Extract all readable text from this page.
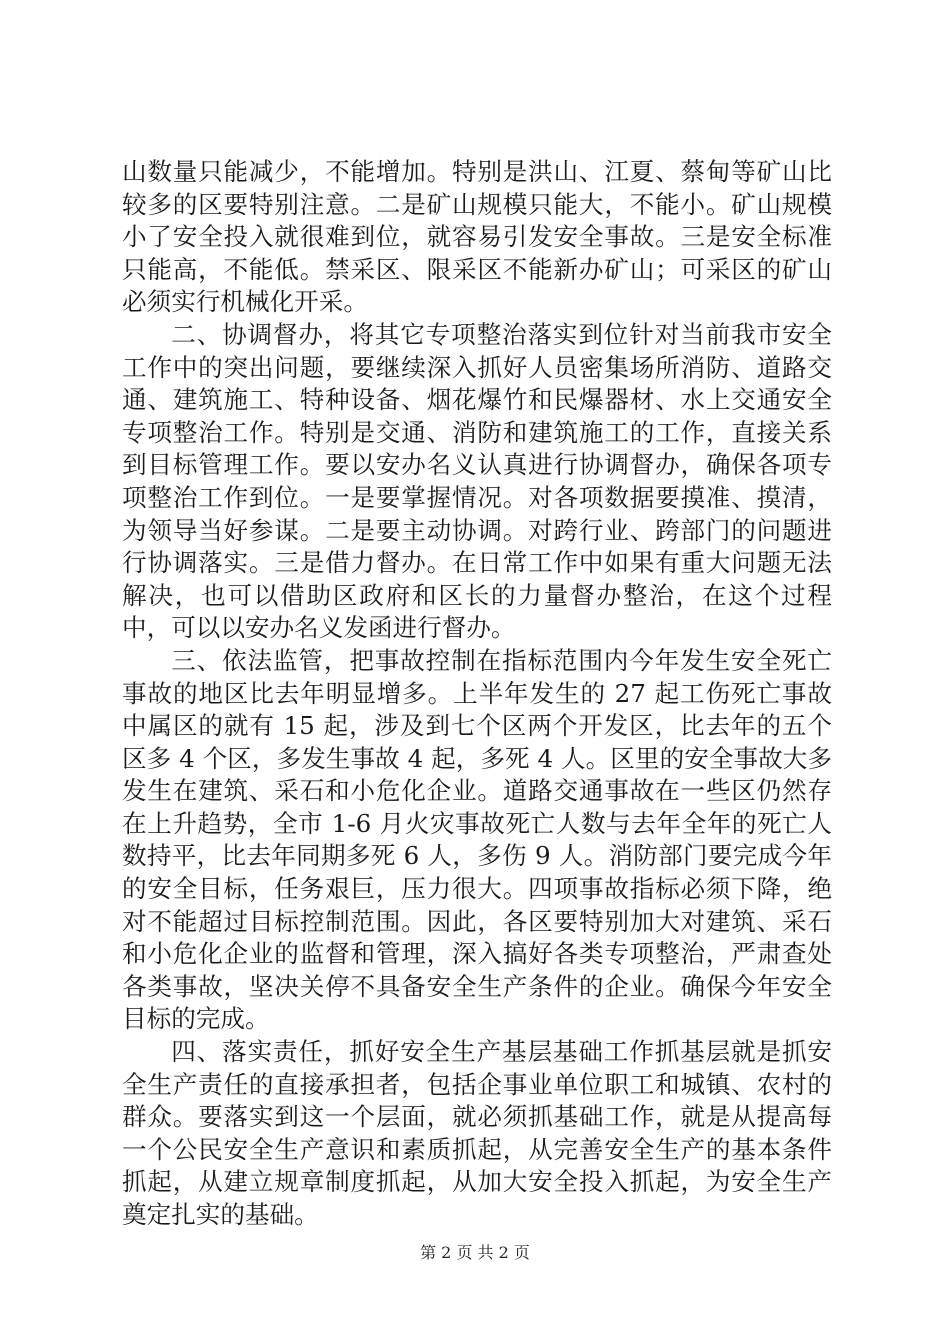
山数量只能减少，不能增加。特别是洪山、江夏、蔡甸等矿山比较多的区要特别注意。二是矿山规模只能大，不能小。矿山规模小了安全投入就很难到位，就容易引发安全事故。三是安全标准只能高，不能低。禁采区、限采区不能新办矿山；可采区的矿山必须实行机械化开采。

二、协调督办，将其它专项整治落实到位针对当前我市安全工作中的突出问题，要继续深入抓好人员密集场所消防、道路交通、建筑施工、特种设备、烟花爆竹和民爆器材、水上交通安全专项整治工作。特别是交通、消防和建筑施工的工作，直接关系到目标管理工作。要以安办名义认真进行协调督办，确保各项专项整治工作到位。一是要掌握情况。对各项数据要摸准、摸清，为领导当好参谋。二是要主动协调。对跨行业、跨部门的问题进行协调落实。三是借力督办。在日常工作中如果有重大问题无法解决，也可以借助区政府和区长的力量督办整治，在这个过程中，可以以安办名义发函进行督办。

三、依法监管，把事故控制在指标范围内今年发生安全死亡事故的地区比去年明显增多。上半年发生的 27 起工伤死亡事故中属区的就有 15 起，涉及到七个区两个开发区，比去年的五个区多 4 个区，多发生事故 4 起，多死 4 人。区里的安全事故大多发生在建筑、采石和小危化企业。道路交通事故在一些区仍然存在上升趋势，全市 1-6 月火灾事故死亡人数与去年全年的死亡人数持平，比去年同期多死 6 人，多伤 9 人。消防部门要完成今年的安全目标，任务艰巨，压力很大。四项事故指标必须下降，绝对不能超过目标控制范围。因此，各区要特别加大对建筑、采石和小危化企业的监督和管理，深入搞好各类专项整治，严肃查处各类事故，坚决关停不具备安全生产条件的企业。确保今年安全目标的完成。

四、落实责任，抓好安全生产基层基础工作抓基层就是抓安全生产责任的直接承担者，包括企事业单位职工和城镇、农村的群众。要落实到这一个层面，就必须抓基础工作，就是从提高每一个公民安全生产意识和素质抓起，从完善安全生产的基本条件抓起，从建立规章制度抓起，从加大安全投入抓起，为安全生产奠定扎实的基础。

第 2 页 共 2 页
